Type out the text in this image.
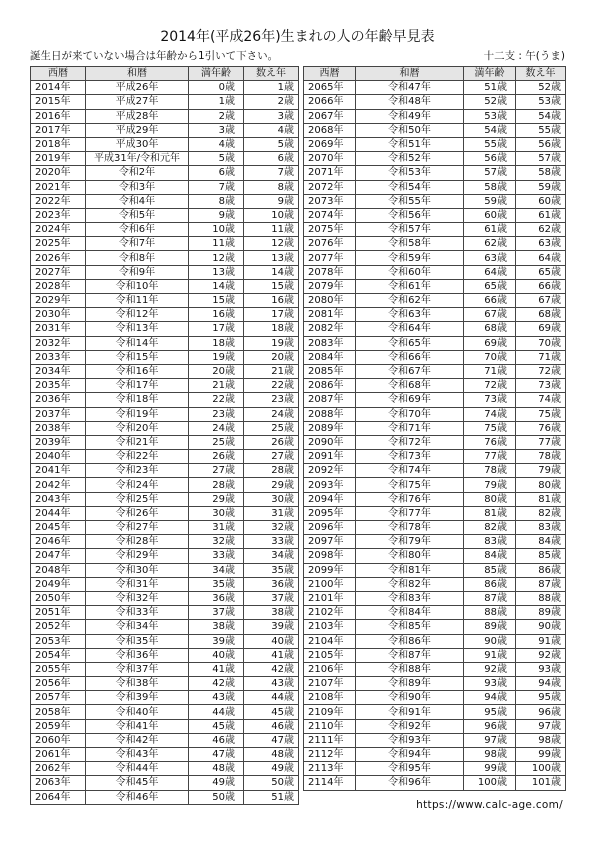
2014年(平成26年)生まれの人の年齢早見表
誕生日が来ていない場合は年齢から1引いて下さい。	十二支 : 午(うま)
西暦	和暦	満年齢	数え年
2014年	平成26年	0歳	1歳
2015年	平成27年	1歳	2歳
2016年	平成28年	2歳	3歳
2017年	平成29年	3歳	4歳
2018年	平成30年	4歳	5歳
2019年	平成31年/令和元年	5歳	6歳
2020年	令和2年	6歳	7歳
2021年	令和3年	7歳	8歳
2022年	令和4年	8歳	9歳
2023年	令和5年	9歳	10歳
2024年	令和6年	10歳	11歳
2025年	令和7年	11歳	12歳
2026年	令和8年	12歳	13歳
2027年	令和9年	13歳	14歳
2028年	令和10年	14歳	15歳
2029年	令和11年	15歳	16歳
2030年	令和12年	16歳	17歳
2031年	令和13年	17歳	18歳
2032年	令和14年	18歳	19歳
2033年	令和15年	19歳	20歳
2034年	令和16年	20歳	21歳
2035年	令和17年	21歳	22歳
2036年	令和18年	22歳	23歳
2037年	令和19年	23歳	24歳
2038年	令和20年	24歳	25歳
2039年	令和21年	25歳	26歳
2040年	令和22年	26歳	27歳
2041年	令和23年	27歳	28歳
2042年	令和24年	28歳	29歳
2043年	令和25年	29歳	30歳
2044年	令和26年	30歳	31歳
2045年	令和27年	31歳	32歳
2046年	令和28年	32歳	33歳
2047年	令和29年	33歳	34歳
2048年	令和30年	34歳	35歳
2049年	令和31年	35歳	36歳
2050年	令和32年	36歳	37歳
2051年	令和33年	37歳	38歳
2052年	令和34年	38歳	39歳
2053年	令和35年	39歳	40歳
2054年	令和36年	40歳	41歳
2055年	令和37年	41歳	42歳
2056年	令和38年	42歳	43歳
2057年	令和39年	43歳	44歳
2058年	令和40年	44歳	45歳
2059年	令和41年	45歳	46歳
2060年	令和42年	46歳	47歳
2061年	令和43年	47歳	48歳
2062年	令和44年	48歳	49歳
2063年	令和45年	49歳	50歳
2064年	令和46年	50歳	51歳
西暦	和暦	満年齢	数え年
2065年	令和47年	51歳	52歳
2066年	令和48年	52歳	53歳
2067年	令和49年	53歳	54歳
2068年	令和50年	54歳	55歳
2069年	令和51年	55歳	56歳
2070年	令和52年	56歳	57歳
2071年	令和53年	57歳	58歳
2072年	令和54年	58歳	59歳
2073年	令和55年	59歳	60歳
2074年	令和56年	60歳	61歳
2075年	令和57年	61歳	62歳
2076年	令和58年	62歳	63歳
2077年	令和59年	63歳	64歳
2078年	令和60年	64歳	65歳
2079年	令和61年	65歳	66歳
2080年	令和62年	66歳	67歳
2081年	令和63年	67歳	68歳
2082年	令和64年	68歳	69歳
2083年	令和65年	69歳	70歳
2084年	令和66年	70歳	71歳
2085年	令和67年	71歳	72歳
2086年	令和68年	72歳	73歳
2087年	令和69年	73歳	74歳
2088年	令和70年	74歳	75歳
2089年	令和71年	75歳	76歳
2090年	令和72年	76歳	77歳
2091年	令和73年	77歳	78歳
2092年	令和74年	78歳	79歳
2093年	令和75年	79歳	80歳
2094年	令和76年	80歳	81歳
2095年	令和77年	81歳	82歳
2096年	令和78年	82歳	83歳
2097年	令和79年	83歳	84歳
2098年	令和80年	84歳	85歳
2099年	令和81年	85歳	86歳
2100年	令和82年	86歳	87歳
2101年	令和83年	87歳	88歳
2102年	令和84年	88歳	89歳
2103年	令和85年	89歳	90歳
2104年	令和86年	90歳	91歳
2105年	令和87年	91歳	92歳
2106年	令和88年	92歳	93歳
2107年	令和89年	93歳	94歳
2108年	令和90年	94歳	95歳
2109年	令和91年	95歳	96歳
2110年	令和92年	96歳	97歳
2111年	令和93年	97歳	98歳
2112年	令和94年	98歳	99歳
2113年	令和95年	99歳	100歳
2114年	令和96年	100歳	101歳
https://www.calc-age.com/
